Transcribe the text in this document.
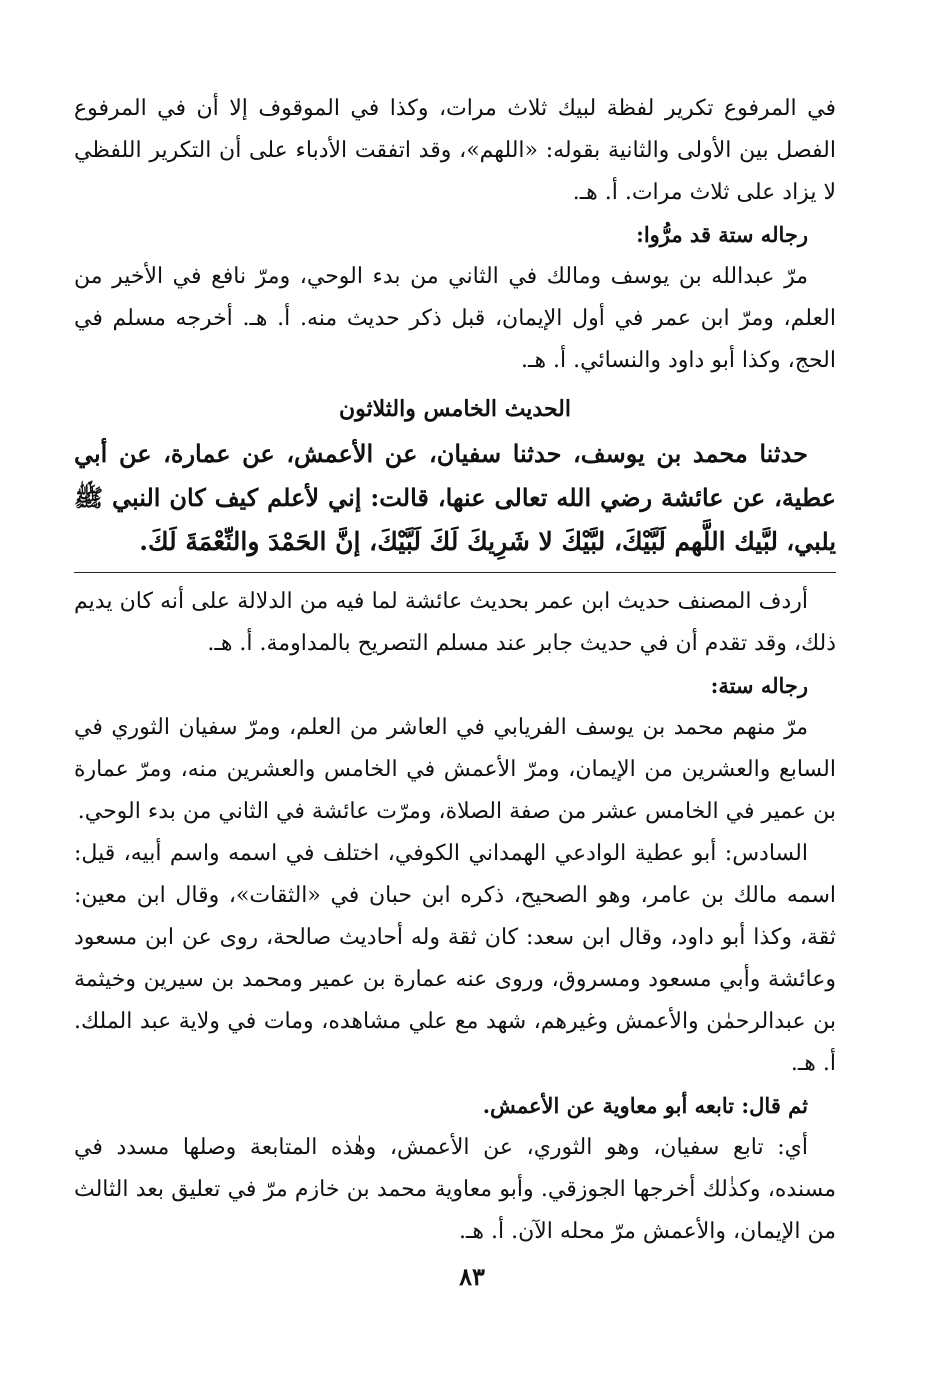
في المرفوع تكرير لفظة لبيك ثلاث مرات، وكذا في الموقوف إلا أن في المرفوع الفصل بين الأولى والثانية بقوله: «اللهم»، وقد اتفقت الأدباء على أن التكرير اللفظي لا يزاد على ثلاث مرات. أ. هـ.

رجاله ستة قد مرُّوا:

مرّ عبدالله بن يوسف ومالك في الثاني من بدء الوحي، ومرّ نافع في الأخير من العلم، ومرّ ابن عمر في أول الإيمان، قبل ذكر حديث منه. أ. هـ. أخرجه مسلم في الحج، وكذا أبو داود والنسائي. أ. هـ.

الحديث الخامس والثلاثون

حدثنا محمد بن يوسف، حدثنا سفيان، عن الأعمش، عن عمارة، عن أبي عطية، عن عائشة رضي الله تعالى عنها، قالت: إني لأعلم كيف كان النبي ﷺ يلبي، لبَّيك اللَّهم لَبَّيْكَ، لبَّيْكَ لا شَرِيكَ لَكَ لَبَّيْكَ، إنَّ الحَمْدَ والنِّعْمَةَ لَكَ.

أردف المصنف حديث ابن عمر بحديث عائشة لما فيه من الدلالة على أنه كان يديم ذلك، وقد تقدم أن في حديث جابر عند مسلم التصريح بالمداومة. أ. هـ.

رجاله ستة:

مرّ منهم محمد بن يوسف الفريابي في العاشر من العلم، ومرّ سفيان الثوري في السابع والعشرين من الإيمان، ومرّ الأعمش في الخامس والعشرين منه، ومرّ عمارة بن عمير في الخامس عشر من صفة الصلاة، ومرّت عائشة في الثاني من بدء الوحي.

السادس: أبو عطية الوادعي الهمداني الكوفي، اختلف في اسمه واسم أبيه، قيل: اسمه مالك بن عامر، وهو الصحيح، ذكره ابن حبان في «الثقات»، وقال ابن معين: ثقة، وكذا أبو داود، وقال ابن سعد: كان ثقة وله أحاديث صالحة، روى عن ابن مسعود وعائشة وأبي مسعود ومسروق، وروى عنه عمارة بن عمير ومحمد بن سيرين وخيثمة بن عبدالرحمٰن والأعمش وغيرهم، شهد مع علي مشاهده، ومات في ولاية عبد الملك. أ. هـ.

ثم قال: تابعه أبو معاوية عن الأعمش.

أي: تابع سفيان، وهو الثوري، عن الأعمش، وهٰذه المتابعة وصلها مسدد في مسنده، وكذٰلك أخرجها الجوزقي. وأبو معاوية محمد بن خازم مرّ في تعليق بعد الثالث من الإيمان، والأعمش مرّ محله الآن. أ. هـ.

٨٣
